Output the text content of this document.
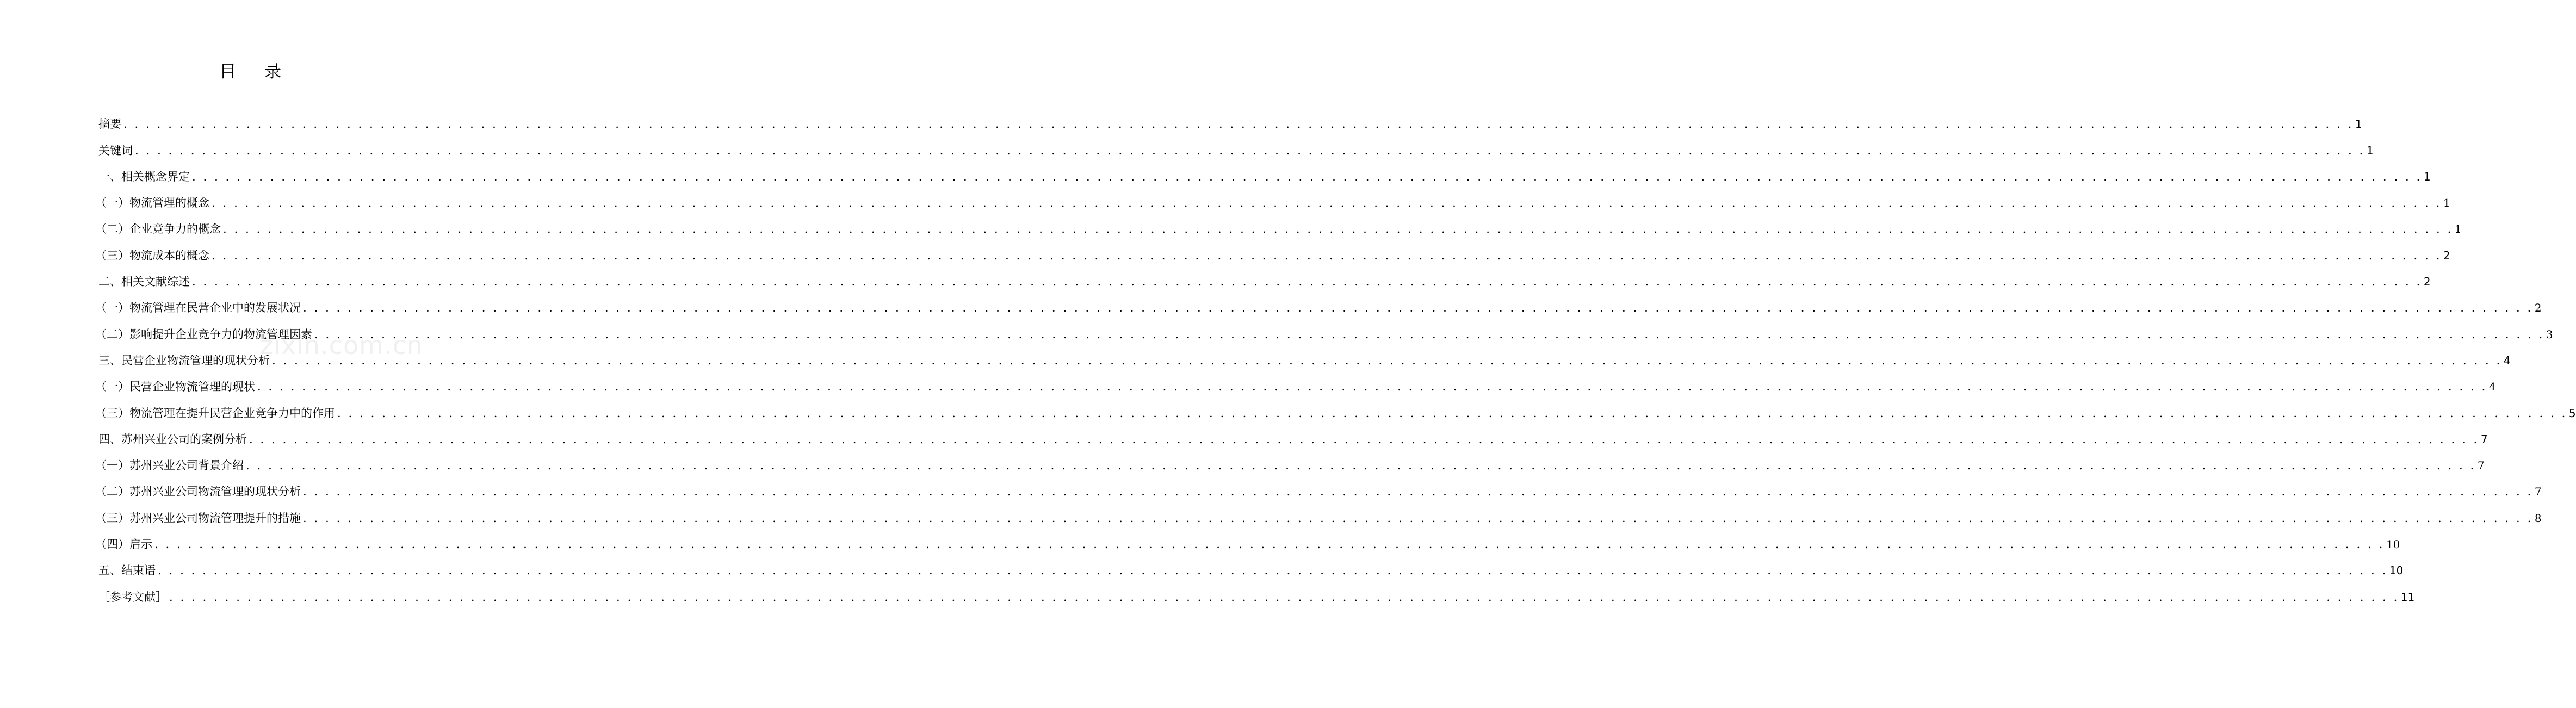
目录
zixin.com.cn
摘要 . . . . . . . . . . . . . . . . . . . . . . . . . . . . . . . . . . . . . . . . . . . . . . . . . . . . . . . . . . . . . . . . . . . . . . . . . . . . . . . . . . . . . . . . . . . . . . . . . . . . . . . . . . . . . . . . . . . . . . . . . . . . . . . . . . . . . . . . . . . . . . . . . . . . . . . . . . . . . . . . . . . . . . . . . . . . . . . . . . . . . . . . . . . . . . . . . . . . . . . . 1
关键词 . . . . . . . . . . . . . . . . . . . . . . . . . . . . . . . . . . . . . . . . . . . . . . . . . . . . . . . . . . . . . . . . . . . . . . . . . . . . . . . . . . . . . . . . . . . . . . . . . . . . . . . . . . . . . . . . . . . . . . . . . . . . . . . . . . . . . . . . . . . . . . . . . . . . . . . . . . . . . . . . . . . . . . . . . . . . . . . . . . . . . . . . . . . . . . . . . . . . . . . . 1
一、相关概念界定 . . . . . . . . . . . . . . . . . . . . . . . . . . . . . . . . . . . . . . . . . . . . . . . . . . . . . . . . . . . . . . . . . . . . . . . . . . . . . . . . . . . . . . . . . . . . . . . . . . . . . . . . . . . . . . . . . . . . . . . . . . . . . . . . . . . . . . . . . . . . . . . . . . . . . . . . . . . . . . . . . . . . . . . . . . . . . . . . . . . . . . . . . . . . . . . . . . . . . . . . 1
（一）物流管理的概念 . . . . . . . . . . . . . . . . . . . . . . . . . . . . . . . . . . . . . . . . . . . . . . . . . . . . . . . . . . . . . . . . . . . . . . . . . . . . . . . . . . . . . . . . . . . . . . . . . . . . . . . . . . . . . . . . . . . . . . . . . . . . . . . . . . . . . . . . . . . . . . . . . . . . . . . . . . . . . . . . . . . . . . . . . . . . . . . . . . . . . . . . . . . . . . . . . . . . . . . . 1
（二）企业竞争力的概念 . . . . . . . . . . . . . . . . . . . . . . . . . . . . . . . . . . . . . . . . . . . . . . . . . . . . . . . . . . . . . . . . . . . . . . . . . . . . . . . . . . . . . . . . . . . . . . . . . . . . . . . . . . . . . . . . . . . . . . . . . . . . . . . . . . . . . . . . . . . . . . . . . . . . . . . . . . . . . . . . . . . . . . . . . . . . . . . . . . . . . . . . . . . . . . . . . . . . . . . . 1
（三）物流成本的概念 . . . . . . . . . . . . . . . . . . . . . . . . . . . . . . . . . . . . . . . . . . . . . . . . . . . . . . . . . . . . . . . . . . . . . . . . . . . . . . . . . . . . . . . . . . . . . . . . . . . . . . . . . . . . . . . . . . . . . . . . . . . . . . . . . . . . . . . . . . . . . . . . . . . . . . . . . . . . . . . . . . . . . . . . . . . . . . . . . . . . . . . . . . . . . . . . . . . . . . . . 2
二、相关文献综述 . . . . . . . . . . . . . . . . . . . . . . . . . . . . . . . . . . . . . . . . . . . . . . . . . . . . . . . . . . . . . . . . . . . . . . . . . . . . . . . . . . . . . . . . . . . . . . . . . . . . . . . . . . . . . . . . . . . . . . . . . . . . . . . . . . . . . . . . . . . . . . . . . . . . . . . . . . . . . . . . . . . . . . . . . . . . . . . . . . . . . . . . . . . . . . . . . . . . . . . . 2
（一）物流管理在民营企业中的发展状况 . . . . . . . . . . . . . . . . . . . . . . . . . . . . . . . . . . . . . . . . . . . . . . . . . . . . . . . . . . . . . . . . . . . . . . . . . . . . . . . . . . . . . . . . . . . . . . . . . . . . . . . . . . . . . . . . . . . . . . . . . . . . . . . . . . . . . . . . . . . . . . . . . . . . . . . . . . . . . . . . . . . . . . . . . . . . . . . . . . . . . . . . . . . . . . . . . . . . . . . . 2
（二）影响提升企业竞争力的物流管理因素 . . . . . . . . . . . . . . . . . . . . . . . . . . . . . . . . . . . . . . . . . . . . . . . . . . . . . . . . . . . . . . . . . . . . . . . . . . . . . . . . . . . . . . . . . . . . . . . . . . . . . . . . . . . . . . . . . . . . . . . . . . . . . . . . . . . . . . . . . . . . . . . . . . . . . . . . . . . . . . . . . . . . . . . . . . . . . . . . . . . . . . . . . . . . . . . . . . . . . . . . 3
三、民营企业物流管理的现状分析 . . . . . . . . . . . . . . . . . . . . . . . . . . . . . . . . . . . . . . . . . . . . . . . . . . . . . . . . . . . . . . . . . . . . . . . . . . . . . . . . . . . . . . . . . . . . . . . . . . . . . . . . . . . . . . . . . . . . . . . . . . . . . . . . . . . . . . . . . . . . . . . . . . . . . . . . . . . . . . . . . . . . . . . . . . . . . . . . . . . . . . . . . . . . . . . . . . . . . . . . 4
（一）民营企业物流管理的现状 . . . . . . . . . . . . . . . . . . . . . . . . . . . . . . . . . . . . . . . . . . . . . . . . . . . . . . . . . . . . . . . . . . . . . . . . . . . . . . . . . . . . . . . . . . . . . . . . . . . . . . . . . . . . . . . . . . . . . . . . . . . . . . . . . . . . . . . . . . . . . . . . . . . . . . . . . . . . . . . . . . . . . . . . . . . . . . . . . . . . . . . . . . . . . . . . . . . . . . . . 4
（三）物流管理在提升民营企业竞争力中的作用 . . . . . . . . . . . . . . . . . . . . . . . . . . . . . . . . . . . . . . . . . . . . . . . . . . . . . . . . . . . . . . . . . . . . . . . . . . . . . . . . . . . . . . . . . . . . . . . . . . . . . . . . . . . . . . . . . . . . . . . . . . . . . . . . . . . . . . . . . . . . . . . . . . . . . . . . . . . . . . . . . . . . . . . . . . . . . . . . . . . . . . . . . . . . . . . . . . . . . . . . 5
四、苏州兴业公司的案例分析 . . . . . . . . . . . . . . . . . . . . . . . . . . . . . . . . . . . . . . . . . . . . . . . . . . . . . . . . . . . . . . . . . . . . . . . . . . . . . . . . . . . . . . . . . . . . . . . . . . . . . . . . . . . . . . . . . . . . . . . . . . . . . . . . . . . . . . . . . . . . . . . . . . . . . . . . . . . . . . . . . . . . . . . . . . . . . . . . . . . . . . . . . . . . . . . . . . . . . . . . 7
（一）苏州兴业公司背景介绍 . . . . . . . . . . . . . . . . . . . . . . . . . . . . . . . . . . . . . . . . . . . . . . . . . . . . . . . . . . . . . . . . . . . . . . . . . . . . . . . . . . . . . . . . . . . . . . . . . . . . . . . . . . . . . . . . . . . . . . . . . . . . . . . . . . . . . . . . . . . . . . . . . . . . . . . . . . . . . . . . . . . . . . . . . . . . . . . . . . . . . . . . . . . . . . . . . . . . . . . . 7
（二）苏州兴业公司物流管理的现状分析 . . . . . . . . . . . . . . . . . . . . . . . . . . . . . . . . . . . . . . . . . . . . . . . . . . . . . . . . . . . . . . . . . . . . . . . . . . . . . . . . . . . . . . . . . . . . . . . . . . . . . . . . . . . . . . . . . . . . . . . . . . . . . . . . . . . . . . . . . . . . . . . . . . . . . . . . . . . . . . . . . . . . . . . . . . . . . . . . . . . . . . . . . . . . . . . . . . . . . . . . 7
（三）苏州兴业公司物流管理提升的措施 . . . . . . . . . . . . . . . . . . . . . . . . . . . . . . . . . . . . . . . . . . . . . . . . . . . . . . . . . . . . . . . . . . . . . . . . . . . . . . . . . . . . . . . . . . . . . . . . . . . . . . . . . . . . . . . . . . . . . . . . . . . . . . . . . . . . . . . . . . . . . . . . . . . . . . . . . . . . . . . . . . . . . . . . . . . . . . . . . . . . . . . . . . . . . . . . . . . . . . . . 8
（四）启示 . . . . . . . . . . . . . . . . . . . . . . . . . . . . . . . . . . . . . . . . . . . . . . . . . . . . . . . . . . . . . . . . . . . . . . . . . . . . . . . . . . . . . . . . . . . . . . . . . . . . . . . . . . . . . . . . . . . . . . . . . . . . . . . . . . . . . . . . . . . . . . . . . . . . . . . . . . . . . . . . . . . . . . . . . . . . . . . . . . . . . . . . . . . . . . . . . . . . . . . . 10
五、结束语 . . . . . . . . . . . . . . . . . . . . . . . . . . . . . . . . . . . . . . . . . . . . . . . . . . . . . . . . . . . . . . . . . . . . . . . . . . . . . . . . . . . . . . . . . . . . . . . . . . . . . . . . . . . . . . . . . . . . . . . . . . . . . . . . . . . . . . . . . . . . . . . . . . . . . . . . . . . . . . . . . . . . . . . . . . . . . . . . . . . . . . . . . . . . . . . . . . . . . . . . 10
［参考文献］ . . . . . . . . . . . . . . . . . . . . . . . . . . . . . . . . . . . . . . . . . . . . . . . . . . . . . . . . . . . . . . . . . . . . . . . . . . . . . . . . . . . . . . . . . . . . . . . . . . . . . . . . . . . . . . . . . . . . . . . . . . . . . . . . . . . . . . . . . . . . . . . . . . . . . . . . . . . . . . . . . . . . . . . . . . . . . . . . . . . . . . . . . . . . . . . . . . . . . . . . 11
